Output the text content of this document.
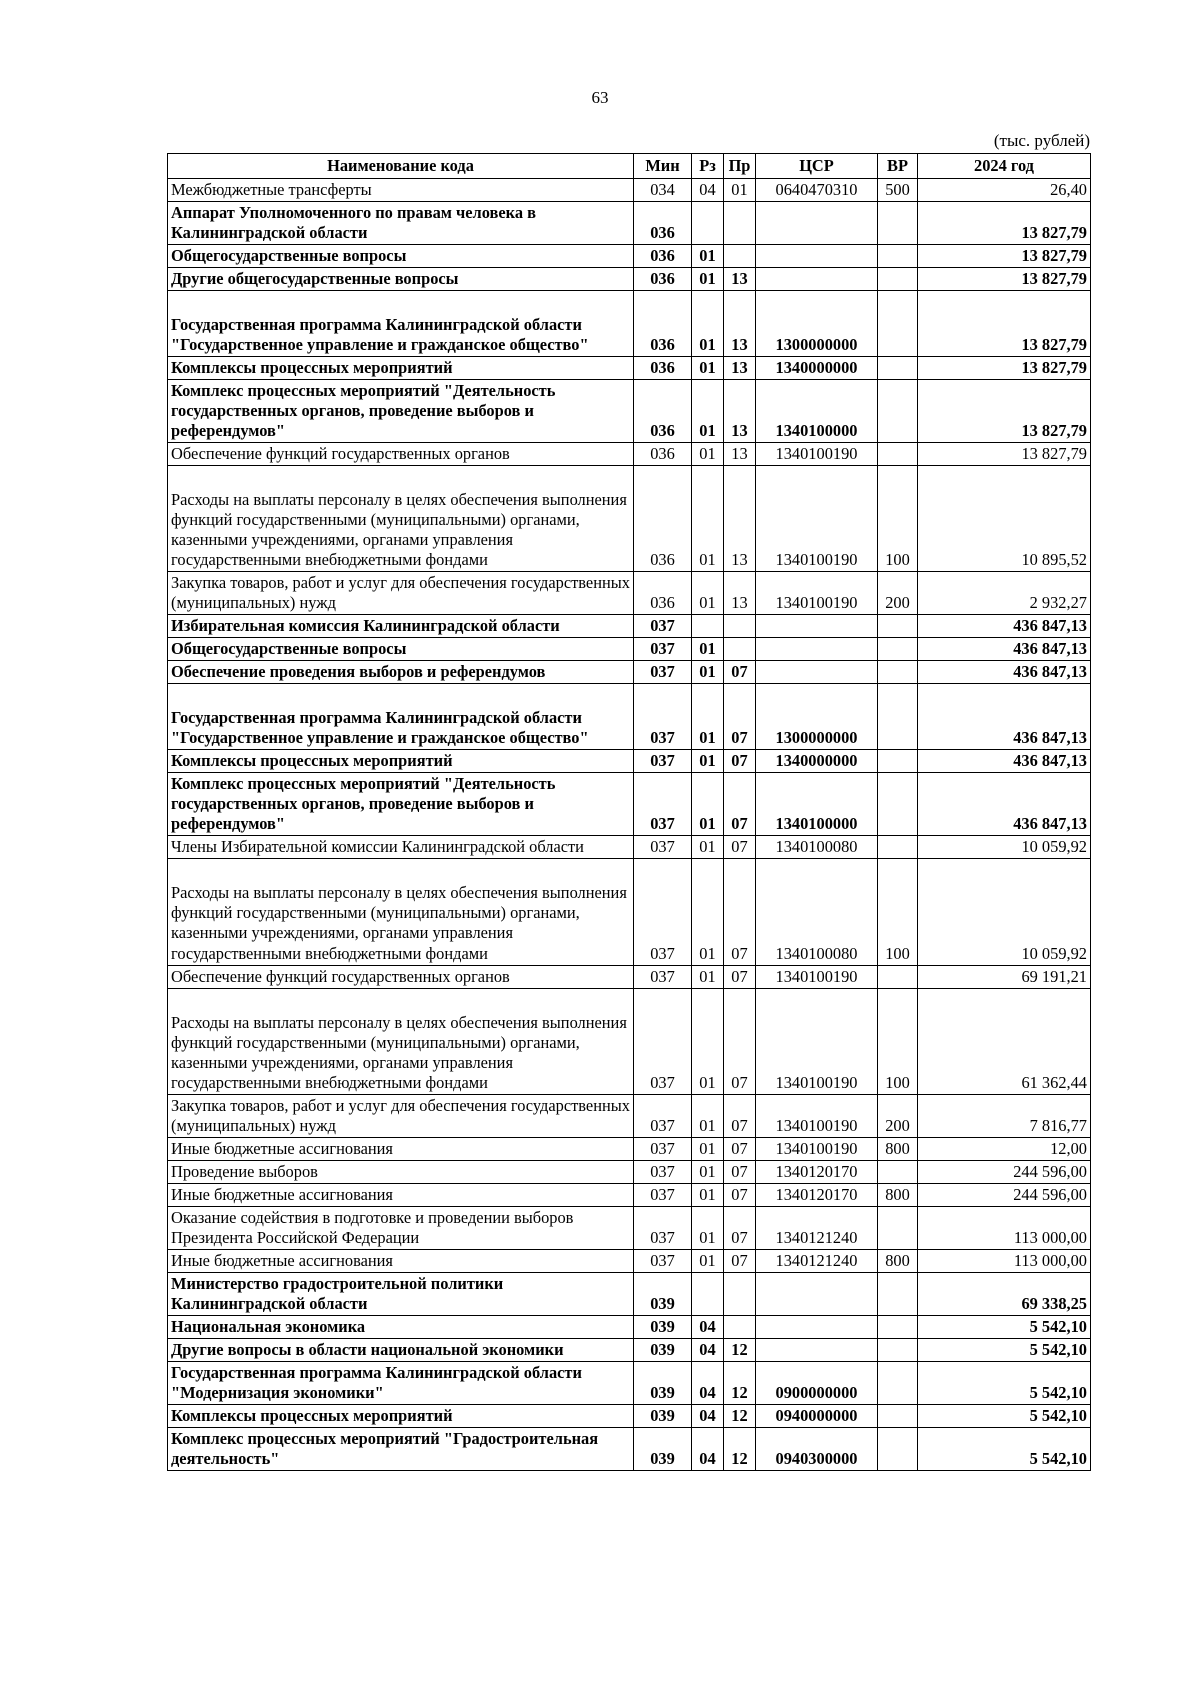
63
(тыс. рублей)
Наименование кода	Мин	Рз	Пр	ЦСР	ВР	2024 год
Межбюджетные трансферты	034	04	01	0640470310	500	26,40
Аппарат Уполномоченного по правам человека в Калининградской области	036					13 827,79
Общегосударственные вопросы	036	01				13 827,79
Другие общегосударственные вопросы	036	01	13			13 827,79
Государственная программа Калининградской области "Государственное управление и гражданское общество"	036	01	13	1300000000		13 827,79
Комплексы процессных мероприятий	036	01	13	1340000000		13 827,79
Комплекс процессных мероприятий "Деятельность государственных органов, проведение выборов и референдумов"	036	01	13	1340100000		13 827,79
Обеспечение функций государственных органов	036	01	13	1340100190		13 827,79
Расходы на выплаты персоналу в целях обеспечения выполнения функций государственными (муниципальными) органами, казенными учреждениями, органами управления государственными внебюджетными фондами	036	01	13	1340100190	100	10 895,52
Закупка товаров, работ и услуг для обеспечения государственных (муниципальных) нужд	036	01	13	1340100190	200	2 932,27
Избирательная комиссия Калининградской области	037					436 847,13
Общегосударственные вопросы	037	01				436 847,13
Обеспечение проведения выборов и референдумов	037	01	07			436 847,13
Государственная программа Калининградской области "Государственное управление и гражданское общество"	037	01	07	1300000000		436 847,13
Комплексы процессных мероприятий	037	01	07	1340000000		436 847,13
Комплекс процессных мероприятий "Деятельность государственных органов, проведение выборов и референдумов"	037	01	07	1340100000		436 847,13
Члены Избирательной комиссии Калининградской области	037	01	07	1340100080		10 059,92
Расходы на выплаты персоналу в целях обеспечения выполнения функций государственными (муниципальными) органами, казенными учреждениями, органами управления государственными внебюджетными фондами	037	01	07	1340100080	100	10 059,92
Обеспечение функций государственных органов	037	01	07	1340100190		69 191,21
Расходы на выплаты персоналу в целях обеспечения выполнения функций государственными (муниципальными) органами, казенными учреждениями, органами управления государственными внебюджетными фондами	037	01	07	1340100190	100	61 362,44
Закупка товаров, работ и услуг для обеспечения государственных (муниципальных) нужд	037	01	07	1340100190	200	7 816,77
Иные бюджетные ассигнования	037	01	07	1340100190	800	12,00
Проведение выборов	037	01	07	1340120170		244 596,00
Иные бюджетные ассигнования	037	01	07	1340120170	800	244 596,00
Оказание содействия в подготовке и проведении выборов Президента Российской Федерации	037	01	07	1340121240		113 000,00
Иные бюджетные ассигнования	037	01	07	1340121240	800	113 000,00
Министерство градостроительной политики Калининградской области	039					69 338,25
Национальная экономика	039	04				5 542,10
Другие вопросы в области национальной экономики	039	04	12			5 542,10
Государственная программа Калининградской области "Модернизация экономики"	039	04	12	0900000000		5 542,10
Комплексы процессных мероприятий	039	04	12	0940000000		5 542,10
Комплекс процессных мероприятий "Градостроительная деятельность"	039	04	12	0940300000		5 542,10
